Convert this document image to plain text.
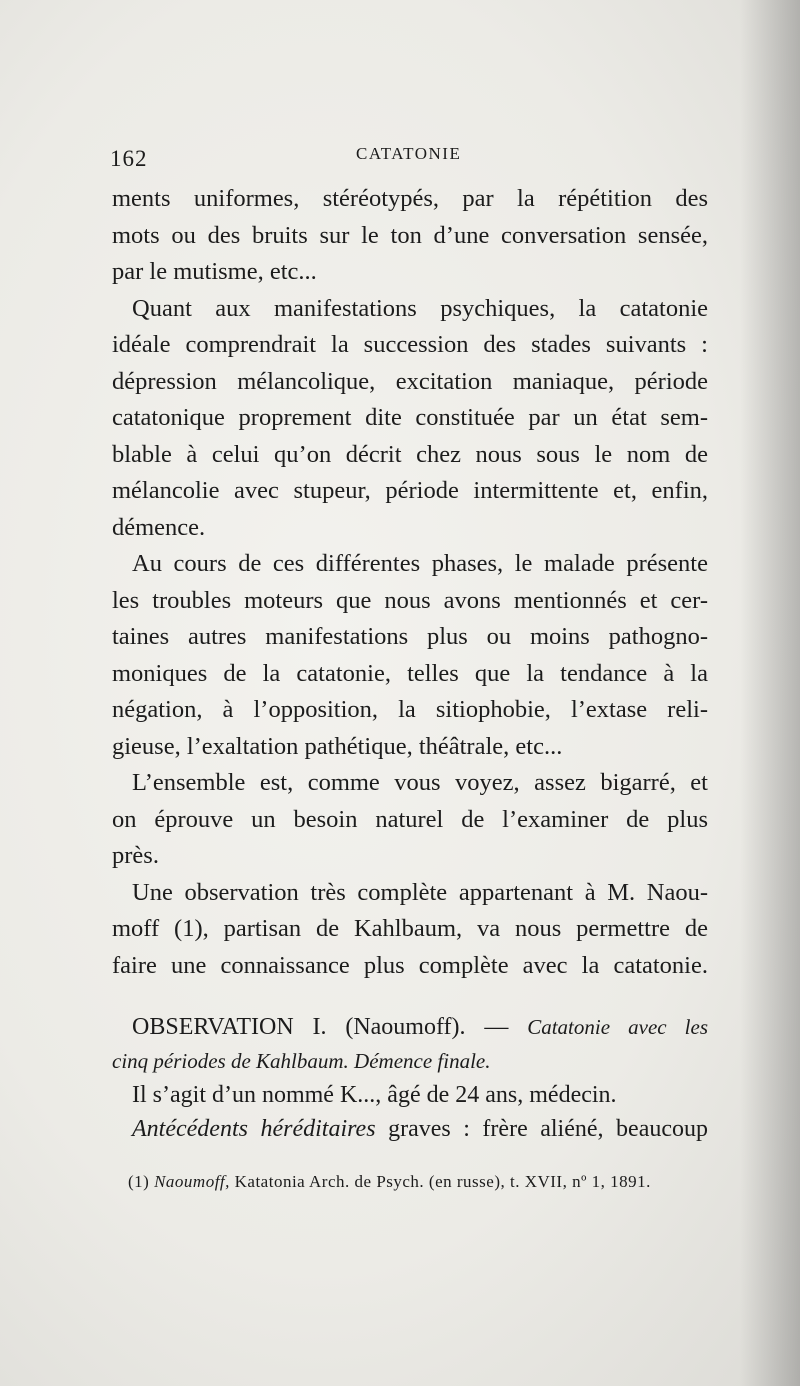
162	CATATONIE
ments uniformes, stéréotypés, par la répétition des
mots ou des bruits sur le ton d’une conversation sensée,
par le mutisme, etc...
Quant aux manifestations psychiques, la catatonie
idéale comprendrait la succession des stades suivants :
dépression mélancolique, excitation maniaque, période
catatonique proprement dite constituée par un état sem-
blable à celui qu’on décrit chez nous sous le nom de
mélancolie avec stupeur, période intermittente et, enfin,
démence.
Au cours de ces différentes phases, le malade présente
les troubles moteurs que nous avons mentionnés et cer-
taines autres manifestations plus ou moins pathogno-
moniques de la catatonie, telles que la tendance à la
négation, à l’opposition, la sitiophobie, l’extase reli-
gieuse, l’exaltation pathétique, théâtrale, etc...
L’ensemble est, comme vous voyez, assez bigarré, et
on éprouve un besoin naturel de l’examiner de plus
près.
Une observation très complète appartenant à M. Naou-
moff (1), partisan de Kahlbaum, va nous permettre de
faire une connaissance plus complète avec la catatonie.
OBSERVATION I. (Naoumoff). — Catatonie avec les
cinq périodes de Kahlbaum. Démence finale.
Il s’agit d’un nommé K..., âgé de 24 ans, médecin.
Antécédents héréditaires graves : frère aliéné, beaucoup
(1) Naoumoff, Katatonia Arch. de Psych. (en russe), t. XVII, nº 1, 1891.
